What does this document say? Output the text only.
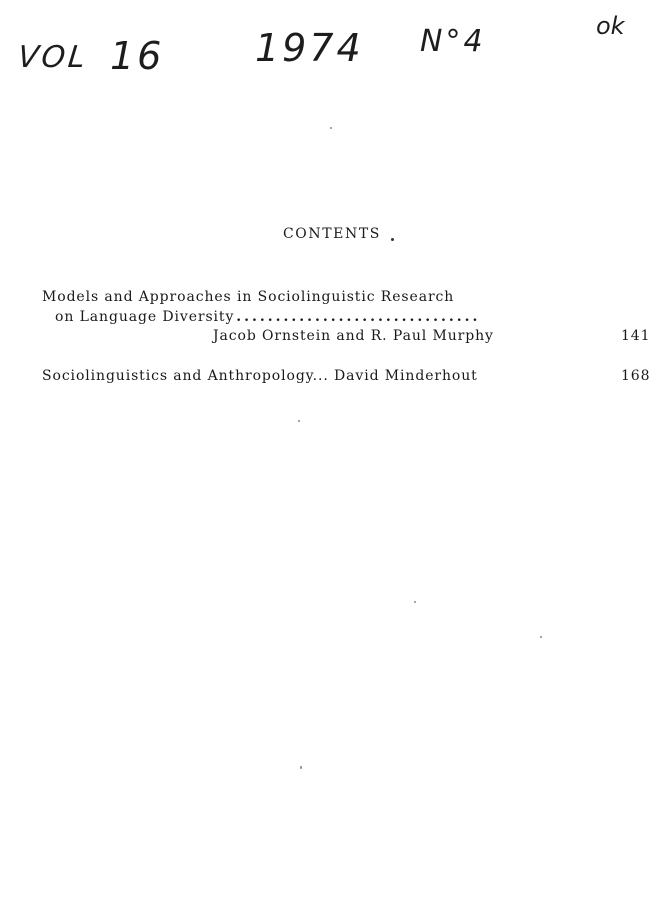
VOL 16 1974 N°4	ok
CONTENTS
Models and Approaches in Sociolinguistic Research
on Language Diversity ...............................
Jacob Ornstein and R. Paul Murphy	141
Sociolinguistics and Anthropology... David Minderhout	168
